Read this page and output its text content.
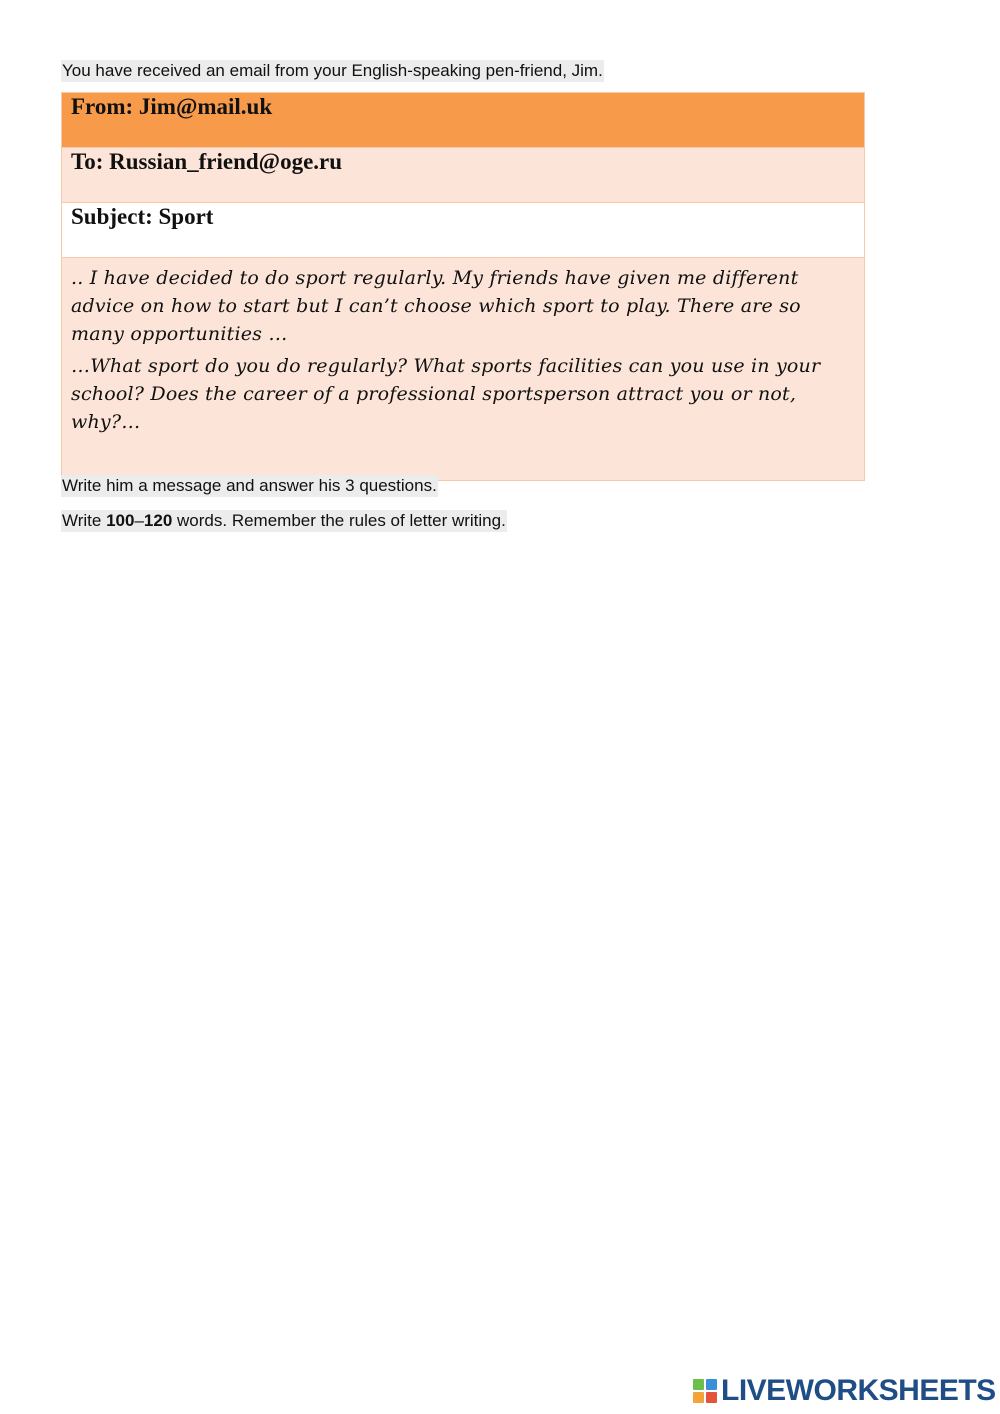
You have received an email from your English-speaking pen-friend, Jim.
From: Jim@mail.uk
To: Russian_friend@oge.ru
Subject: Sport

.. I have decided to do sport regularly. My friends have given me different advice on how to start but I can’t choose which sport to play. There are so many opportunities …

…What sport do you do regularly? What sports facilities can you use in your school? Does the career of a professional sportsperson attract you or not, why?…

Write him a message and answer his 3 questions.
Write 100–120 words. Remember the rules of letter writing.
LIVEWORKSHEETS
